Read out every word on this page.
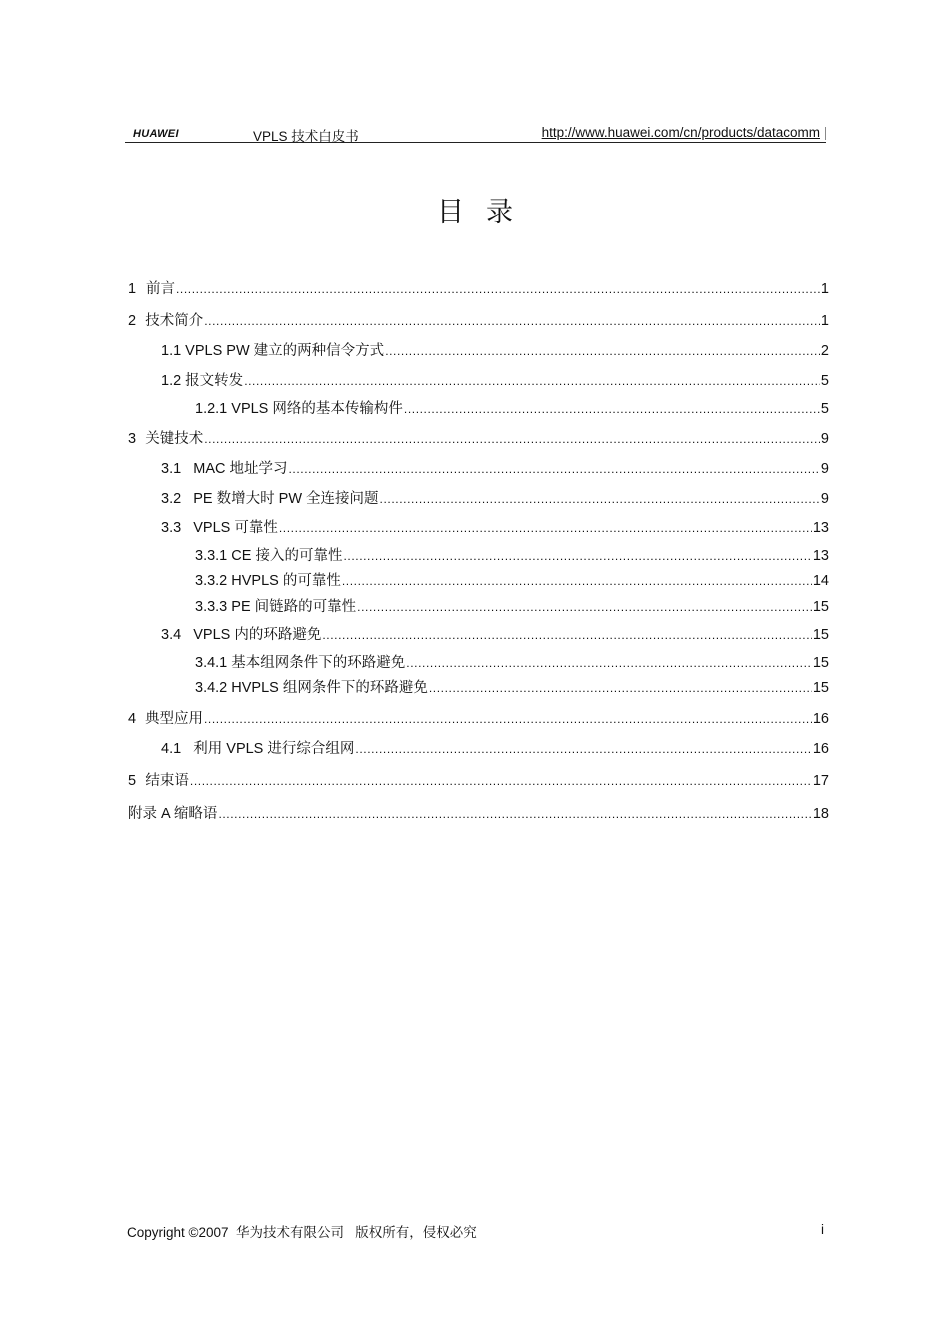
HUAWEI	VPLS 技术白皮书	http://www.huawei.com/cn/products/datacomm
目录
1 前言 .....	1
2 技术简介 .....	1
1.1 VPLS PW 建立的两种信令方式 .....	2
1.2 报文转发 .....	5
1.2.1 VPLS 网络的基本传输构件 .....	5
3 关键技术 .....	9
3.1   MAC 地址学习 .....	9
3.2   PE 数增大时 PW 全连接问题 .....	9
3.3   VPLS 可靠性 .....	13
3.3.1 CE 接入的可靠性 .....	13
3.3.2 HVPLS 的可靠性 .....	14
3.3.3 PE 间链路的可靠性 .....	15
3.4   VPLS 内的环路避免 .....	15
3.4.1 基本组网条件下的环路避免 .....	15
3.4.2 HVPLS 组网条件下的环路避免 .....	15
4 典型应用 .....	16
4.1   利用 VPLS 进行综合组网 .....	16
5 结束语 .....	17
附录 A 缩略语 .....	18
Copyright ©2007  华为技术有限公司   版权所有，侵权必究	i
